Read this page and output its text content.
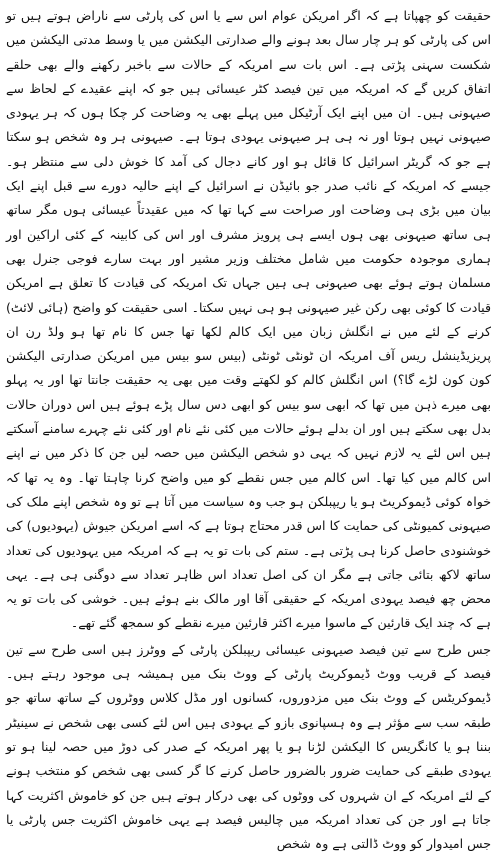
حقیقت کو چھپاتا ہے کہ اگر امریکن عوام اس سے یا اس کی پارٹی سے ناراض ہوتے ہیں تو اس کی پارٹی کو ہر چار سال بعد ہونے والے صدارتی الیکشن میں یا وسط مدتی الیکشن میں شکست سہنی پڑتی ہے۔ اس بات سے امریکہ کے حالات سے باخبر رکھنے والے بھی حلقے اتفاق کریں گے کہ امریکہ میں تین فیصد کٹر عیسائی ہیں جو کہ اپنے عقیدے کے لحاظ سے صیہونی ہیں۔ ان میں اپنے ایک آرٹیکل میں پہلے بھی یہ وضاحت کر چکا ہوں کہ ہر یہودی صیہونی نہیں ہوتا اور نہ ہی ہر صیہونی یہودی ہوتا ہے۔ صیہونی ہر وہ شخص ہو سکتا ہے جو کہ گریٹر اسرائیل کا قائل ہو اور کانے دجال کی آمد کا خوش دلی سے منتظر ہو۔ جیسے کہ امریکہ کے نائب صدر جو بائیڈن نے اسرائیل کے اپنے حالیہ دورے سے قبل اپنے ایک بیان میں بڑی ہی وضاحت اور صراحت سے کہا تھا کہ میں عقیدتاً عیسائی ہوں مگر ساتھ ہی ساتھ صیہونی بھی ہوں ایسے ہی پرویز مشرف اور اس کی کابینہ کے کئی اراکین اور ہماری موجودہ حکومت میں شامل مختلف وزیر مشیر اور بہت سارے فوجی جنرل بھی مسلمان ہوتے ہوئے بھی صیہونی ہی ہیں جہاں تک امریکہ کی قیادت کا تعلق ہے امریکن قیادت کا کوئی بھی رکن غیر صیہونی ہو ہی نہیں سکتا۔ اسی حقیقت کو واضح (ہائی لائٹ) کرنے کے لئے میں نے انگلش زبان میں ایک کالم لکھا تھا جس کا نام تھا ہو ولڈ رن ان پریزیڈینشل ریس آف امریکہ ان ٹونٹی ٹونٹی (بیس سو بیس میں امریکن صدارتی الیکشن کون کون لڑے گا؟) اس انگلش کالم کو لکھتے وقت میں بھی یہ حقیقت جانتا تھا اور یہ پہلو بھی میرے ذہن میں تھا کہ ابھی سو بیس کو ابھی دس سال پڑے ہوئے ہیں اس دوران حالات بدل بھی سکتے ہیں اور ان بدلے ہوئے حالات میں کئی نئے نام اور کئی نئے چہرے سامنے آسکتے ہیں اس لئے یہ لازم نہیں کہ یہی دو شخص الیکشن میں حصہ لیں جن کا ذکر میں نے اپنے اس کالم میں کیا تھا۔ اس کالم میں جس نقطے کو میں واضح کرنا چاہتا تھا۔ وہ یہ تھا کہ خواہ کوئی ڈیموکریٹ ہو یا ریپبلکن ہو جب وہ سیاست میں آتا ہے تو وہ شخص اپنے ملک کی صیہونی کمیونٹی کی حمایت کا اس قدر محتاج ہوتا ہے کہ اسے امریکن جیوش (یہودیوں) کی خوشنودی حاصل کرنا ہی پڑتی ہے۔ ستم کی بات تو یہ ہے کہ امریکہ میں یہودیوں کی تعداد ساتھ لاکھ بتائی جاتی ہے مگر ان کی اصل تعداد اس ظاہر تعداد سے دوگنی ہی ہے۔ یہی محض چھ فیصد یہودی امریکہ کے حقیقی آقا اور مالک بنے ہوئے ہیں۔ خوشی کی بات تو یہ ہے کہ چند ایک قارئین کے ماسوا میرے اکثر قارئین میرے نقطے کو سمجھ گئے تھے۔

جس طرح سے تین فیصد صیہونی عیسائی ریپبلکن پارٹی کے ووٹرز ہیں اسی طرح سے تین فیصد کے قریب ووٹ ڈیموکریٹ پارٹی کے ووٹ بنک میں ہمیشہ ہی موجود رہتے ہیں۔ ڈیموکریٹس کے ووٹ بنک میں مزدوروں، کسانوں اور مڈل کلاس ووٹروں کے ساتھ ساتھ جو طبقہ سب سے مؤثر ہے وہ ہسپانوی بازو کے یہودی ہیں اس لئے کسی بھی شخص نے سینیٹر بننا ہو یا کانگریس کا الیکشن لڑنا ہو یا پھر امریکہ کے صدر کی دوڑ میں حصہ لینا ہو تو یہودی طبقے کی حمایت ضرور بالضرور حاصل کرنے کا گر کسی بھی شخص کو منتخب ہونے کے لئے امریکہ کے ان شہروں کی ووٹوں کی بھی درکار ہوتے ہیں جن کو خاموش اکثریت کہا جاتا ہے اور جن کی تعداد امریکہ میں چالیس فیصد ہے یہی خاموش اکثریت جس پارٹی یا جس امیدوار کو ووٹ ڈالتی ہے وہ شخص
